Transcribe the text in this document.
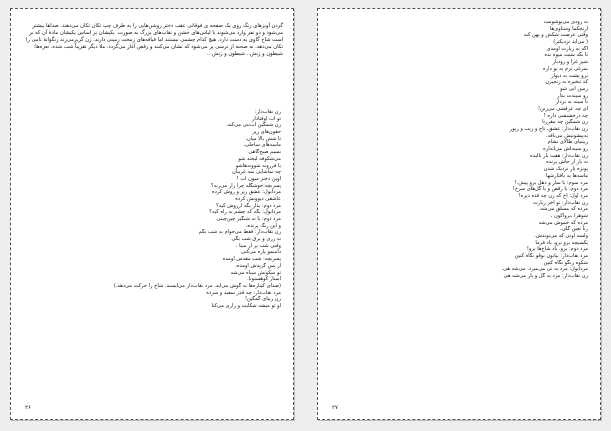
گردن آویزهای رنگ روی یک صفحه ی فوقانی عقب دختر روشن‌هایی را به طرف چپ تکان تکان می‌دهند. صداها بیشتر می‌شود و دو نفر وارد می‌شوند با لباس‌های خشن و نقاب‌های بزرگ به صورت. یکیشان بر اساس یکیشان مادهٔ آن که بر است شاخ گاوی به دست دارد. هیچ کدام چشمی نیستند اما قیافه‌های زمخت زمینی دارند. زن گریزمی‌زند رنگوانهٔ نامی را تکان می‌دهد. نه صحنه از ترسی پر می‌شود که نشان می‌کنند و رقص آغاز می‌گردد. ملا دیگر تقریباً شب شده. نعره‌ها: شیطون و زنش.. شیطون و زنش ..
زن نقاب‌دار:
تو آب اوفتادار
زن شمگین آب‌تنی می‌کنه.
حقون‌های زیر
تا شش بالا میان.
ماسه‌های ساحلی،
نسیم صبح‌گاهی
می‌شکوفه لیخند شو
با فرزونه شوونه‌هاشو
چه تماشایی نمه غریبان
اوین دختر میون آب !
پسر‌بچه‌:خوشگله چرا زار می‌زنه؟
مردابول: عشق زیر و روش کرده
عاشقی دیوونش کرده
مرد دوم: بذار بگه آرزوش کیه؟
مردابول: بگه که چشم به راه کیه؟
مرد دوم: با نه شبگیر چین‌چینی
و این رنگ پرنده،
زن نقاب‌دار: فقط می‌خوام به شب بگم
نه زری و برق شب بگی
وقتی شب پر از مینا ،
دامنمو پاره می‌کنی
پسر‌بچه: شب مقدس اومده
از پس گریدش اومده،
تو سکوتش سیاه می‌شه
آستار کوهستونا.
(صدای کیناره‌ها به گوش می‌آید. مرد نقاب‌دار می‌ایستد. شاخ را حرکت می‌دهد.)
مرد نقاب‌دار: چه قدر سفید و سرده
زن زیبای گمگین!
او تو میشه شکایت و زاری می‌کنا
۲۶
نه زودی می‌پوشومت
آرنجکما وشتاوی‌ها
وقتی عرضت شکش و پهن کنه
( می‌آید نزدیکتر)
اگه نه زیارت اومدی
تا نگه شنت میوه بده
شیر غزا و رودبار
بمرغی ترم به تو داره
برو پشت به دیوار
که تنخیره به زنجیرن
زمین آبی شو
رو سینه‌ت بذار
تا سینه‌ به بزدار
آی چه عرقشی می‌زنن!
چه درخشنشی داره !
زن شمگین چه مقرزنا
زن نقاب‌دار: عشق، تاج و زیب و زیور
به‌پیشونیش می‌بافه.
زیبنیای طالای نشام
رو سینه‌اش می‌اندازه
زن نقاب‌دار: هفت بار نالیده
نه بار از جاش پرنده
پونزه بار نزدیک شدن
ماسه‌ها به بافتارشها
مرد سوم: با ساز و دهل برو پیش.!
مرد دوم: با رقص و با گل‌های سرخ!
مرد اول: آخ که زن چه قده دیره!
زن نقاب‌دار: تو آخر زیارت
مرده که مسلق می‌شه.
شوهرا ،برواکون ،
مرده که خموش می‌شه
رنا نعین گلی،
ولسه اونی که می‌نوندش.
یکسیچه برو برو، باد فرما
مرد دوم: برو، باد شاخ‌ها برو!
مرد نقاب‌دار: بیابون نوقو نگاه کنین
شکوه زنگو نگاه کنین
مردابول: مرد به نی می‌میرد. می‌شه هی.
زن نقاب‌دار: مرد به گل و باز می‌شه هی
۲۷
